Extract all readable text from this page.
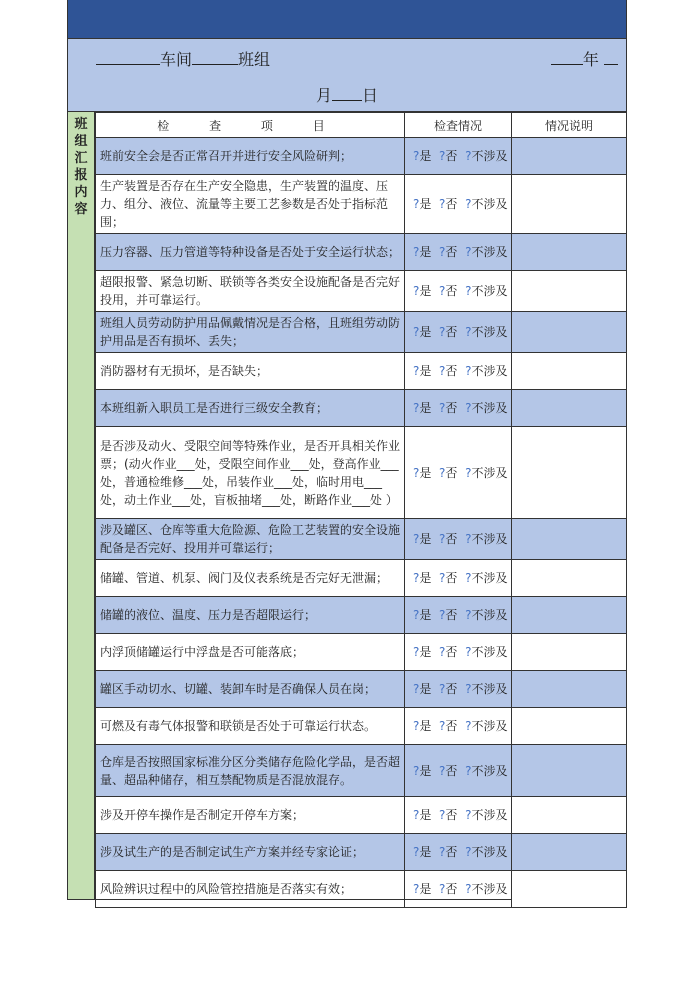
车间	班组	年
月 日
班
组
汇
报
内
容
检 查 项 目	检查情况	情况说明

班前安全会是否正常召开并进行安全风险研判；	?是 ?否 ?不涉及	

生产装置是否存在生产安全隐患，生产装置的温度、压力、组分、液位、流量等主要工艺参数是否处于指标范围；	?是 ?否 ?不涉及	

压力容器、压力管道等特种设备是否处于安全运行状态；	?是 ?否 ?不涉及	

超限报警、紧急切断、联锁等各类安全设施配备是否完好投用，并可靠运行。	?是 ?否 ?不涉及	

班组人员劳动防护用品佩戴情况是否合格，且班组劳动防护用品是否有损坏、丢失；	?是 ?否 ?不涉及	

消防器材有无损坏，是否缺失；	?是 ?否 ?不涉及	

本班组新入职员工是否进行三级安全教育；	?是 ?否 ?不涉及	

是否涉及动火、受限空间等特殊作业，是否开具相关作业票；(动火作业___处，受限空间作业___处，登高作业___处，普通检维修___处，吊装作业___处，临时用电___处，动土作业___处，盲板抽堵___处，断路作业___处 ）	?是 ?否 ?不涉及	

涉及罐区、仓库等重大危险源、危险工艺装置的安全设施配备是否完好、投用并可靠运行；	?是 ?否 ?不涉及	

储罐、管道、机泵、阀门及仪表系统是否完好无泄漏；	?是 ?否 ?不涉及	

储罐的液位、温度、压力是否超限运行；	?是 ?否 ?不涉及	

内浮顶储罐运行中浮盘是否可能落底；	?是 ?否 ?不涉及	

罐区手动切水、切罐、装卸车时是否确保人员在岗；	?是 ?否 ?不涉及	

可燃及有毒气体报警和联锁是否处于可靠运行状态。	?是 ?否 ?不涉及	

仓库是否按照国家标准分区分类储存危险化学品，是否超量、超品种储存，相互禁配物质是否混放混存。	?是 ?否 ?不涉及	

涉及开停车操作是否制定开停车方案；	?是 ?否 ?不涉及	

涉及试生产的是否制定试生产方案并经专家论证；	?是 ?否 ?不涉及	

风险辨识过程中的风险管控措施是否落实有效；	?是 ?否 ?不涉及	
